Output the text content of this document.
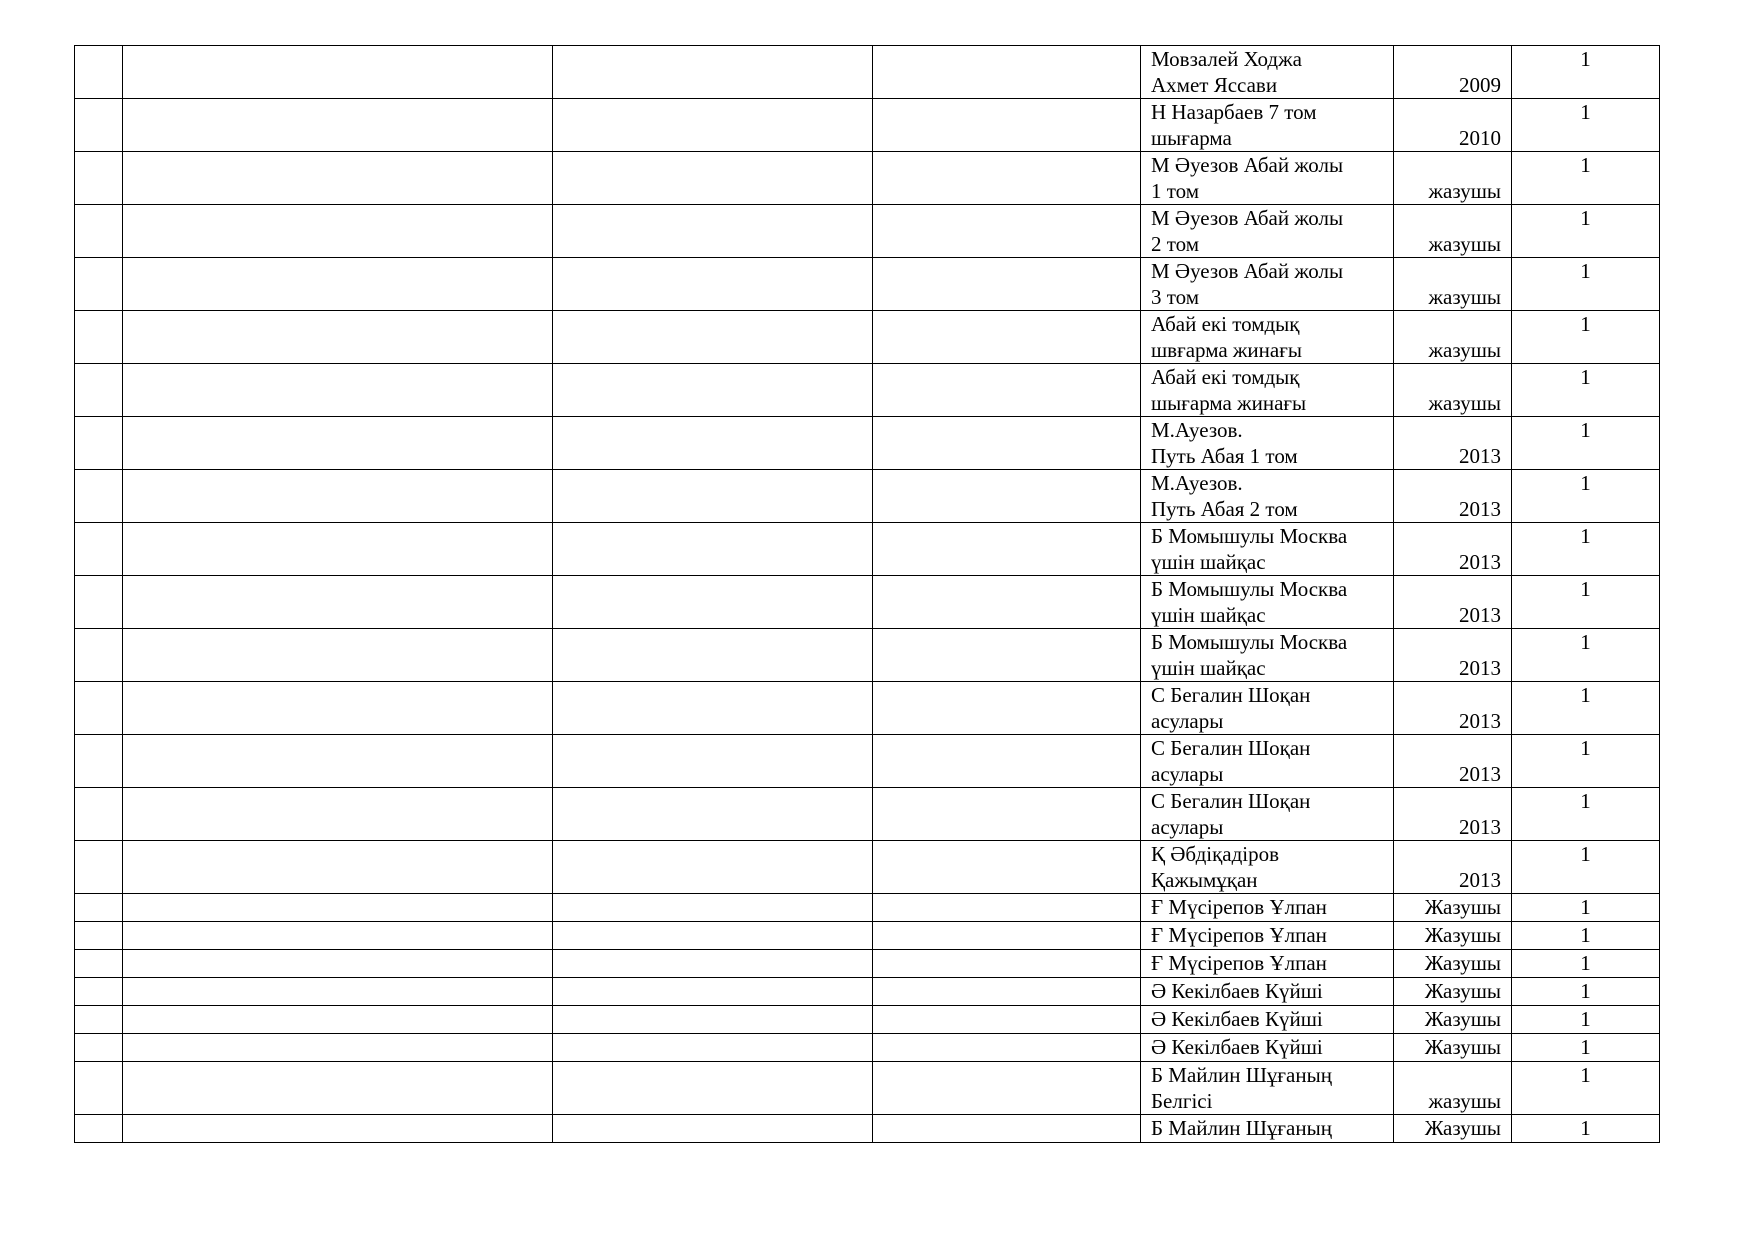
				Мовзалей Ходжа
Ахмет Яссави	2009	1

				Н Назарбаев 7 том
шығарма	2010	1

				М Әуезов Абай жолы
1 том	жазушы	1

				М Әуезов Абай жолы
2 том	жазушы	1

				М Әуезов Абай жолы
3 том	жазушы	1

				Абай екі томдық
швғарма жинағы	жазушы	1

				Абай екі томдық
шығарма жинағы	жазушы	1

				М.Ауезов.
Путь Абая 1 том	2013	1

				М.Ауезов.
Путь Абая 2 том	2013	1

				Б Момышулы Москва
үшін шайқас	2013	1

				Б Момышулы Москва
үшін шайқас	2013	1

				Б Момышулы Москва
үшін шайқас	2013	1

				С Бегалин Шоқан
асулары	2013	1

				С Бегалин Шоқан
асулары	2013	1

				С Бегалин Шоқан
асулары	2013	1

				Қ Әбдіқадіров
Қажымұқан	2013	1

				Ғ Мүсірепов Ұлпан	Жазушы	1

				Ғ Мүсірепов Ұлпан	Жазушы	1

				Ғ Мүсірепов Ұлпан	Жазушы	1

				Ә Кекілбаев Күйші	Жазушы	1

				Ә Кекілбаев Күйші	Жазушы	1

				Ә Кекілбаев Күйші	Жазушы	1

				Б Майлин Шұғаның
Белгісі	жазушы	1

				Б Майлин Шұғаның	Жазушы	1
